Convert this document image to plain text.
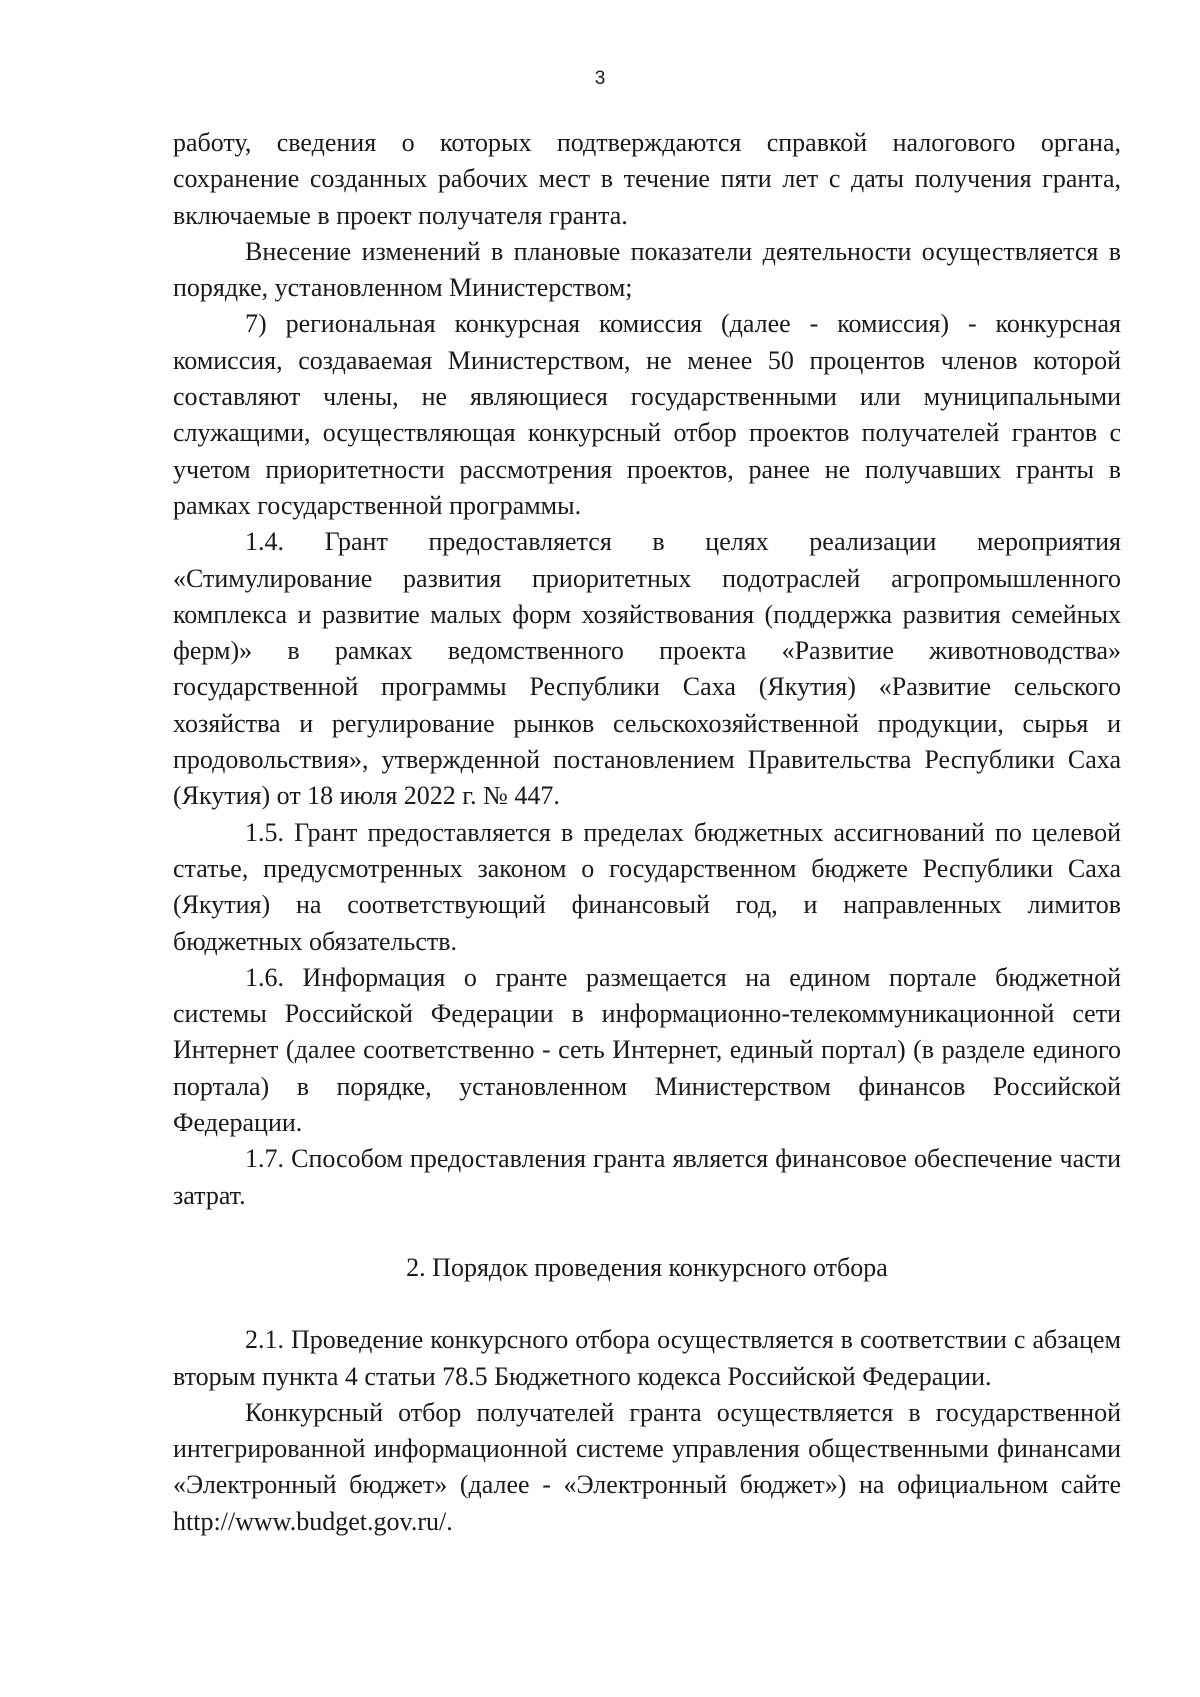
3

работу, сведения о которых подтверждаются справкой налогового органа, сохранение созданных рабочих мест в течение пяти лет с даты получения гранта, включаемые в проект получателя гранта.

Внесение изменений в плановые показатели деятельности осуществляется в порядке, установленном Министерством;

7) региональная конкурсная комиссия (далее - комиссия) - конкурсная комиссия, создаваемая Министерством, не менее 50 процентов членов которой составляют члены, не являющиеся государственными или муниципальными служащими, осуществляющая конкурсный отбор проектов получателей грантов с учетом приоритетности рассмотрения проектов, ранее не получавших гранты в рамках государственной программы.

1.4. Грант предоставляется в целях реализации мероприятия «Стимулирование развития приоритетных подотраслей агропромышленного комплекса и развитие малых форм хозяйствования (поддержка развития семейных ферм)» в рамках ведомственного проекта «Развитие животноводства» государственной программы Республики Саха (Якутия) «Развитие сельского хозяйства и регулирование рынков сельскохозяйственной продукции, сырья и продовольствия», утвержденной постановлением Правительства Республики Саха (Якутия) от 18 июля 2022 г. № 447.

1.5. Грант предоставляется в пределах бюджетных ассигнований по целевой статье, предусмотренных законом о государственном бюджете Республики Саха (Якутия) на соответствующий финансовый год, и направленных лимитов бюджетных обязательств.

1.6. Информация о гранте размещается на едином портале бюджетной системы Российской Федерации в информационно-телекоммуникационной сети Интернет (далее соответственно - сеть Интернет, единый портал) (в разделе единого портала) в порядке, установленном Министерством финансов Российской Федерации.

1.7. Способом предоставления гранта является финансовое обеспечение части затрат.

2. Порядок проведения конкурсного отбора

2.1. Проведение конкурсного отбора осуществляется в соответствии с абзацем вторым пункта 4 статьи 78.5 Бюджетного кодекса Российской Федерации.

Конкурсный отбор получателей гранта осуществляется в государственной интегрированной информационной системе управления общественными финансами «Электронный бюджет» (далее - «Электронный бюджет») на официальном сайте http://www.budget.gov.ru/.
